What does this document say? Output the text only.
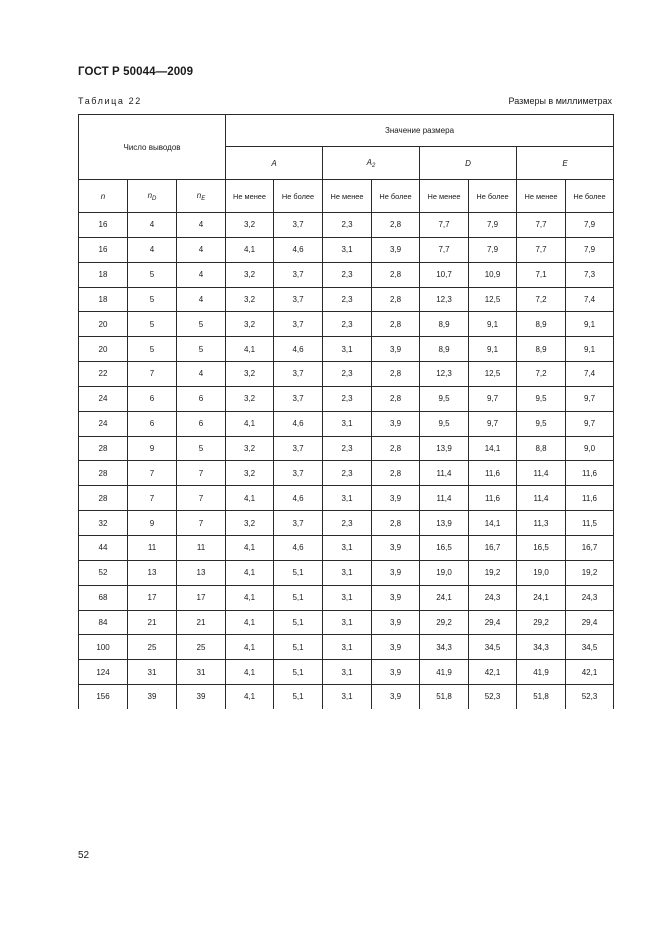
ГОСТ Р 50044—2009
Таблица 22	Размеры в миллиметрах
Число выводов			Значение размера							
			A		$A_2$		D		E	
n	$n_D$	$n_E$	Не менее	Не более	Не менее	Не более	Не менее	Не более	Не менее	Не более
16	4	4	3,2	3,7	2,3	2,8	7,7	7,9	7,7	7,9
16	4	4	4,1	4,6	3,1	3,9	7,7	7,9	7,7	7,9
18	5	4	3,2	3,7	2,3	2,8	10,7	10,9	7,1	7,3
18	5	4	3,2	3,7	2,3	2,8	12,3	12,5	7,2	7,4
20	5	5	3,2	3,7	2,3	2,8	8,9	9,1	8,9	9,1
20	5	5	4,1	4,6	3,1	3,9	8,9	9,1	8,9	9,1
22	7	4	3,2	3,7	2,3	2,8	12,3	12,5	7,2	7,4
24	6	6	3,2	3,7	2,3	2,8	9,5	9,7	9,5	9,7
24	6	6	4,1	4,6	3,1	3,9	9,5	9,7	9,5	9,7
28	9	5	3,2	3,7	2,3	2,8	13,9	14,1	8,8	9,0
28	7	7	3,2	3,7	2,3	2,8	11,4	11,6	11,4	11,6
28	7	7	4,1	4,6	3,1	3,9	11,4	11,6	11,4	11,6
32	9	7	3,2	3,7	2,3	2,8	13,9	14,1	11,3	11,5
44	11	11	4,1	4,6	3,1	3,9	16,5	16,7	16,5	16,7
52	13	13	4,1	5,1	3,1	3,9	19,0	19,2	19,0	19,2
68	17	17	4,1	5,1	3,1	3,9	24,1	24,3	24,1	24,3
84	21	21	4,1	5,1	3,1	3,9	29,2	29,4	29,2	29,4
100	25	25	4,1	5,1	3,1	3,9	34,3	34,5	34,3	34,5
124	31	31	4,1	5,1	3,1	3,9	41,9	42,1	41,9	42,1
156	39	39	4,1	5,1	3,1	3,9	51,8	52,3	51,8	52,3
52
